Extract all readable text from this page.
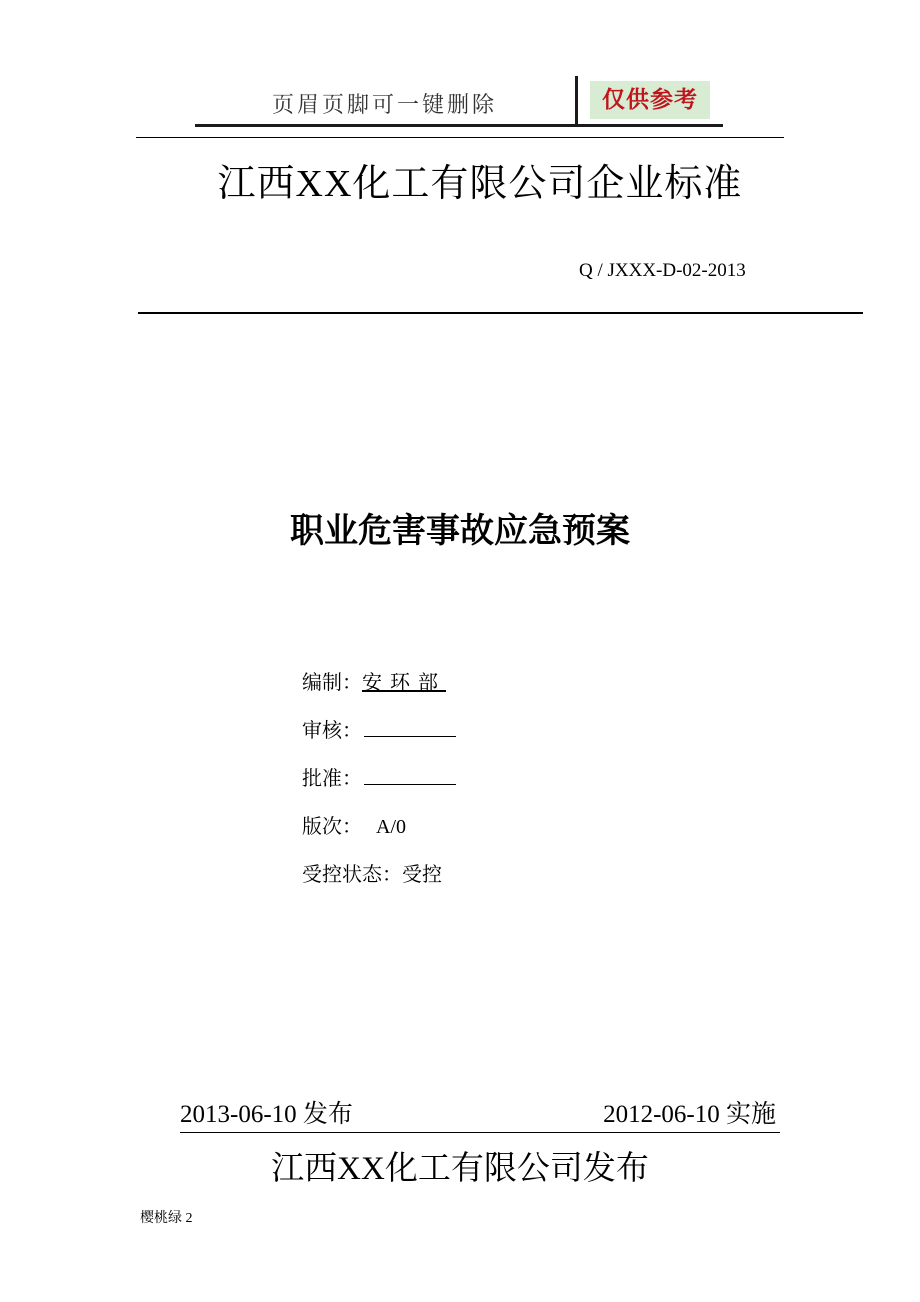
页眉页脚可一键删除	仅供参考
江西XX化工有限公司企业标准
Q / JXXX-D-02-2013
职业危害事故应急预案
编制：安环部
审核：
批准：
版次： A/0
受控状态：受控
2013-06-10 发布	2012-06-10 实施
江西XX化工有限公司发布
樱桃绿 2
